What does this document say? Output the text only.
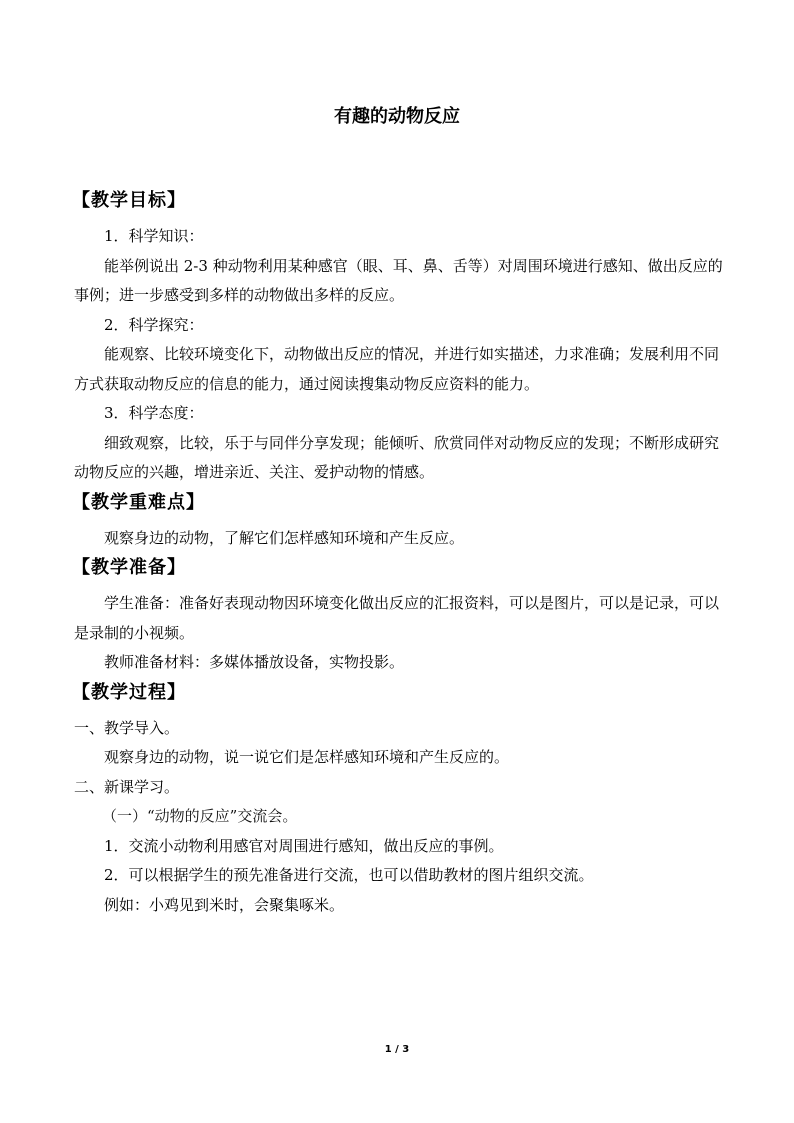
有趣的动物反应
【教学目标】

1．科学知识：

能举例说出 2-3 种动物利用某种感官（眼、耳、鼻、舌等）对周围环境进行感知、做出反应的事例；进一步感受到多样的动物做出多样的反应。

2．科学探究：

能观察、比较环境变化下，动物做出反应的情况，并进行如实描述，力求准确；发展利用不同方式获取动物反应的信息的能力，通过阅读搜集动物反应资料的能力。

3．科学态度：

细致观察，比较，乐于与同伴分享发现；能倾听、欣赏同伴对动物反应的发现；不断形成研究动物反应的兴趣，增进亲近、关注、爱护动物的情感。

【教学重难点】

观察身边的动物，了解它们怎样感知环境和产生反应。

【教学准备】

学生准备：准备好表现动物因环境变化做出反应的汇报资料，可以是图片，可以是记录，可以是录制的小视频。

教师准备材料：多媒体播放设备，实物投影。

【教学过程】

一、教学导入。

观察身边的动物，说一说它们是怎样感知环境和产生反应的。

二、新课学习。

（一）“动物的反应”交流会。

1．交流小动物利用感官对周围进行感知，做出反应的事例。

2．可以根据学生的预先准备进行交流，也可以借助教材的图片组织交流。

例如：小鸡见到米时，会聚集啄米。

1 / 3
